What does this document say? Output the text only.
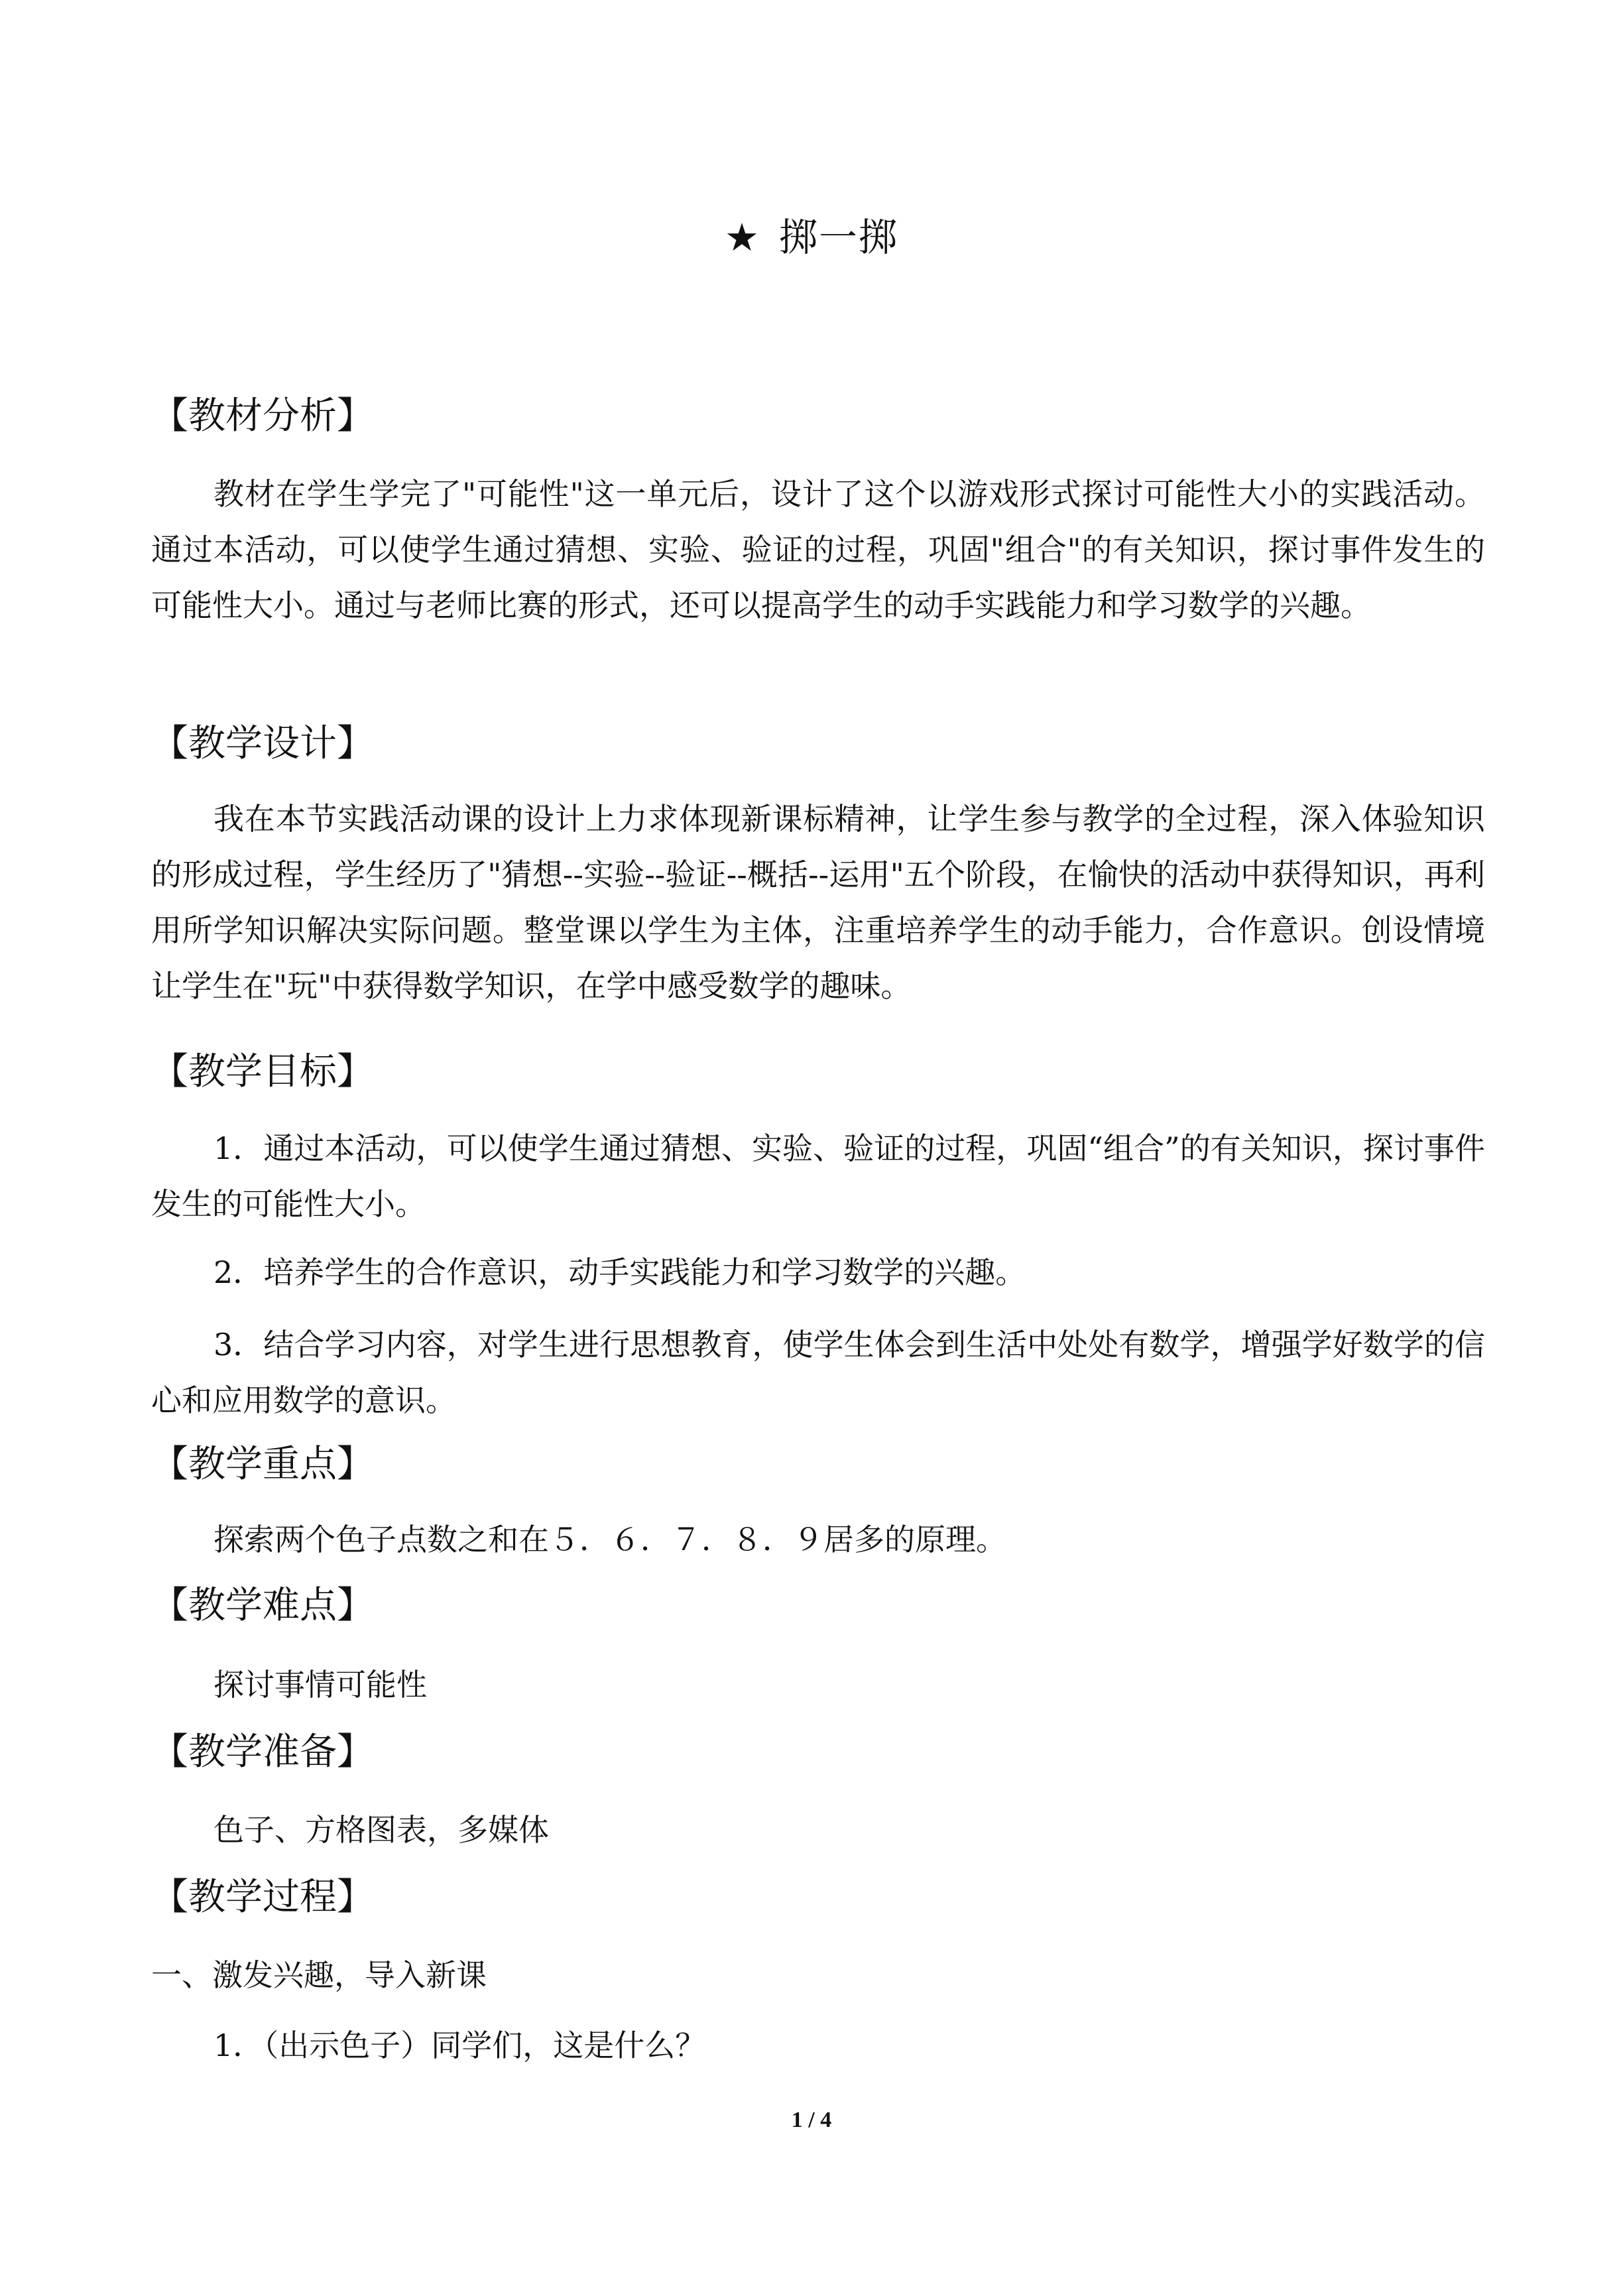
★ 掷一掷
【教材分析】
教材在学生学完了"可能性"这一单元后，设计了这个以游戏形式探讨可能性大小的实践活动。通过本活动，可以使学生通过猜想、实验、验证的过程，巩固"组合"的有关知识，探讨事件发生的可能性大小。通过与老师比赛的形式，还可以提高学生的动手实践能力和学习数学的兴趣。
【教学设计】
我在本节实践活动课的设计上力求体现新课标精神，让学生参与教学的全过程，深入体验知识的形成过程，学生经历了"猜想--实验--验证--概括--运用"五个阶段，在愉快的活动中获得知识，再利用所学知识解决实际问题。整堂课以学生为主体，注重培养学生的动手能力，合作意识。创设情境让学生在"玩"中获得数学知识，在学中感受数学的趣味。
【教学目标】
1．通过本活动，可以使学生通过猜想、实验、验证的过程，巩固“组合”的有关知识，探讨事件发生的可能性大小。
2．培养学生的合作意识，动手实践能力和学习数学的兴趣。
3．结合学习内容，对学生进行思想教育，使学生体会到生活中处处有数学，增强学好数学的信心和应用数学的意识。
【教学重点】
探索两个色子点数之和在５．６．７．８．９居多的原理。
【教学难点】
探讨事情可能性
【教学准备】
色子、方格图表，多媒体
【教学过程】
一、激发兴趣，导入新课
1．（出示色子）同学们，这是什么？
1 / 4
